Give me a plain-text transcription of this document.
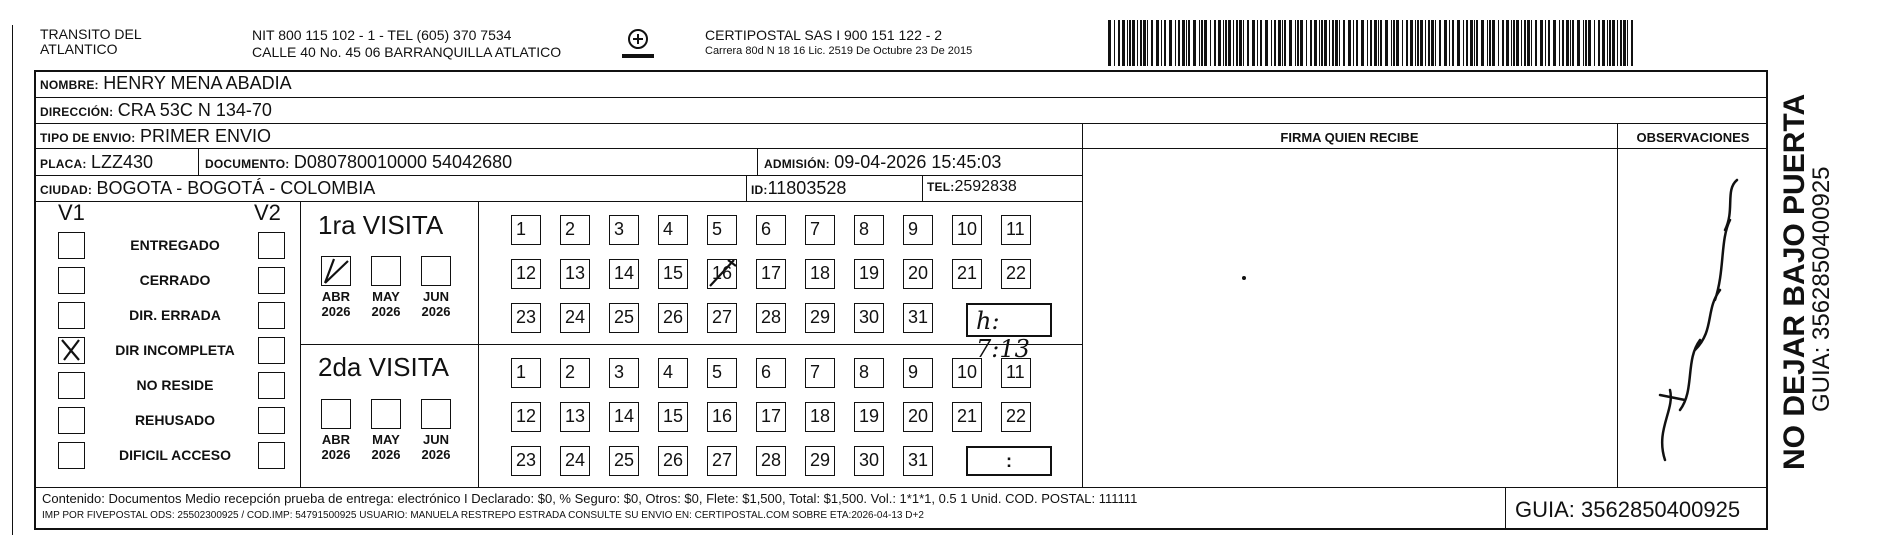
TRANSITO DEL
ATLANTICO
NIT 800 115 102 - 1 - TEL (605) 370 7534
CALLE 40 No. 45 06 BARRANQUILLA ATLATICO
CERTIPOSTAL SAS I 900 151 122 - 2
Carrera 80d N 18 16 Lic. 2519 De Octubre 23 De 2015
NOMBRE: HENRY MENA ABADIA
DIRECCIÓN: CRA 53C N 134-70
TIPO DE ENVIO: PRIMER ENVIO	FIRMA QUIEN RECIBE	OBSERVACIONES
PLACA: LZZ430	DOCUMENTO: D080780010000 54042680	ADMISIÓN: 09-04-2026 15:45:03
CIUDAD: BOGOTA - BOGOTÁ - COLOMBIA	ID:11803528	TEL:2592838
V1	V2
ENTREGADO
CERRADO
DIR. ERRADA
DIR INCOMPLETA
NO RESIDE
REHUSADO
DIFICIL ACCESO
1ra VISITA
2da VISITA
ABR
2026
MAY
2026
JUN
2026
ABR
2026
MAY
2026
JUN
2026
1	2	3	4	5	6	7	8	9	10 11
12 13 14 15 16 17 18 19 20 21 22
23 24 25 26 27 28 29 30 31
1	2	3	4	5	6	7	8	9	10 11
12 13 14 15 16 17 18 19 20 21 22
23 24 25 26 27 28 29 30 31
h: 7:13
:	NO DEJAR BAJO PUERTA
GUIA: 3562850400925
Contenido: Documentos Medio recepción prueba de entrega: electrónico I Declarado: $0, % Seguro: $0, Otros: $0, Flete: $1,500, Total: $1,500. Vol.: 1*1*1, 0.5 1 Unid. COD. POSTAL: 111111
IMP POR FIVEPOSTAL ODS: 25502300925 / COD.IMP: 54791500925 USUARIO: MANUELA RESTREPO ESTRADA CONSULTE SU ENVIO EN: CERTIPOSTAL.COM SOBRE ETA:2026-04-13 D+2	GUIA: 3562850400925
